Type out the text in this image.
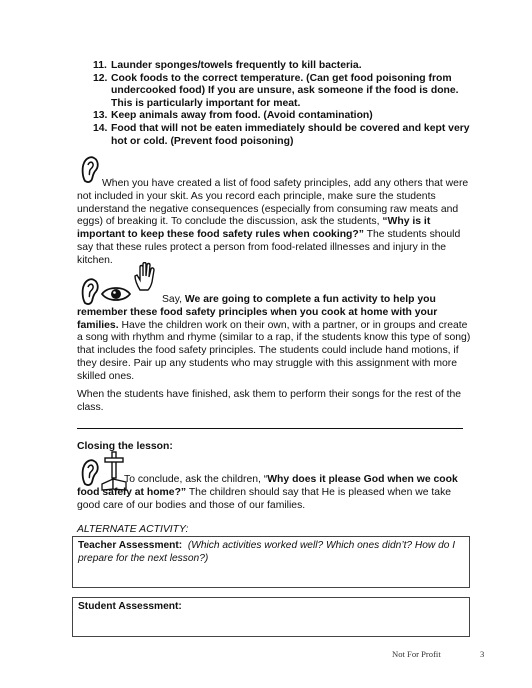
11. Launder sponges/towels frequently to kill bacteria.
12. Cook foods to the correct temperature. (Can get food poisoning from undercooked food) If you are unsure, ask someone if the food is done. This is particularly important for meat.
13. Keep animals away from food. (Avoid contamination)
14. Food that will not be eaten immediately should be covered and kept very hot or cold. (Prevent food poisoning)

When you have created a list of food safety principles, add any others that were not included in your skit. As you record each principle, make sure the students understand the negative consequences (especially from consuming raw meats and eggs) of breaking it. To conclude the discussion, ask the students, “Why is it important to keep these food safety rules when cooking?” The students should say that these rules protect a person from food-related illnesses and injury in the kitchen.

Say, We are going to complete a fun activity to help you remember these food safety principles when you cook at home with your families. Have the children work on their own, with a partner, or in groups and create a song with rhythm and rhyme (similar to a rap, if the students know this type of song) that includes the food safety principles. The students could include hand motions, if they desire. Pair up any students who may struggle with this assignment with more skilled ones.

When the students have finished, ask them to perform their songs for the rest of the class.

Closing the lesson:

To conclude, ask the children, “Why does it please God when we cook food safely at home?” The children should say that He is pleased when we take good care of our bodies and those of our families.

ALTERNATE ACTIVITY:

Teacher Assessment: (Which activities worked well? Which ones didn’t? How do I prepare for the next lesson?)
Student Assessment:
Not For Profit	3
